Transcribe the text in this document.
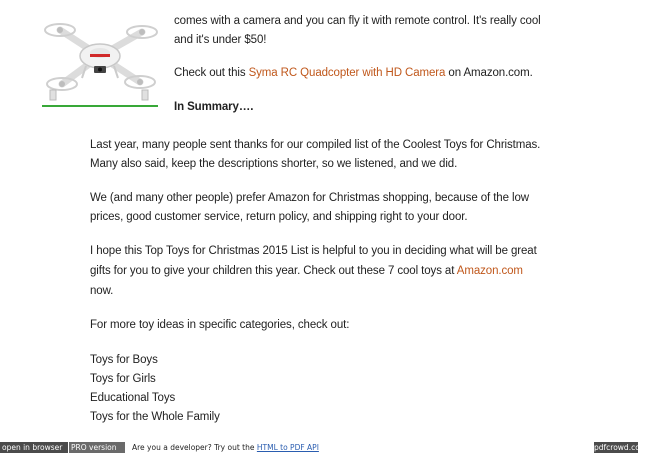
comes with a camera and you can fly it with remote control. It's really cool
and it's under $50!
Check out this Syma RC Quadcopter with HD Camera on Amazon.com.
In Summary….
Last year, many people sent thanks for our compiled list of the Coolest Toys for Christmas.
Many also said, keep the descriptions shorter, so we listened, and we did.
We (and many other people) prefer Amazon for Christmas shopping, because of the low
prices, good customer service, return policy, and shipping right to your door.
I hope this Top Toys for Christmas 2015 List is helpful to you in deciding what will be great
gifts for you to give your children this year. Check out these 7 cool toys at Amazon.com
now.
For more toy ideas in specific categories, check out:
Toys for Boys
Toys for Girls
Educational Toys
Toys for the Whole Family
open in browser	PRO version	Are you a developer? Try out the HTML to PDF API	pdfcrowd.com
